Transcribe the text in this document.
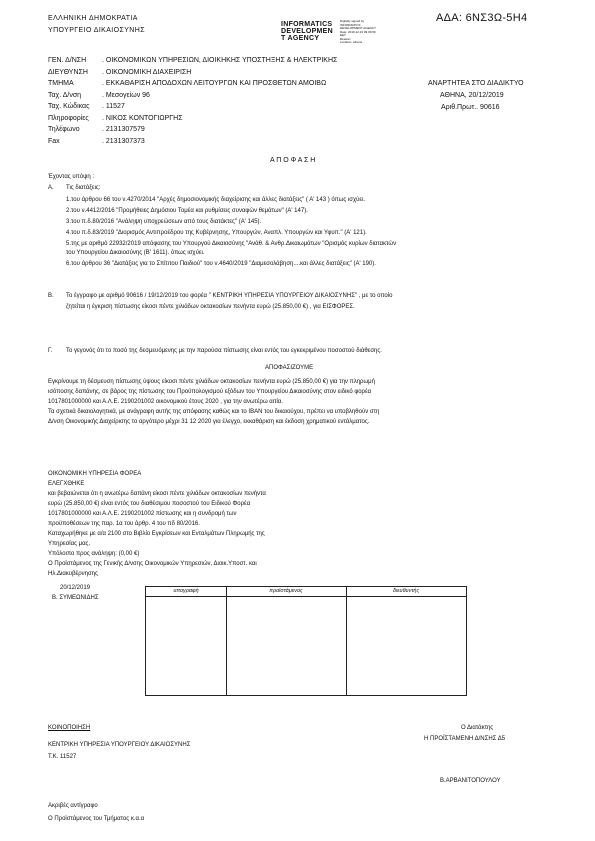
ΕΛΛΗΝΙΚΗ ΔΗΜΟΚΡΑΤΙΑ
ΥΠΟΥΡΓΕΙΟ ΔΙΚΑΙΟΣΥΝΗΣ
INFORMATICS
DEVELOPMEN
T AGENCY
Digitally signed by
INFORMATICS
DEVELOPMENT AGENCY
Date: 2019.12.23 09:09:50
EET
Reason:
Location: Athens
ΑΔΑ: 6ΝΣ3Ω-5Η4
ΓΕΝ. Δ/ΝΣΗ . ΟΙΚΟΝΟΜΙΚΩΝ ΥΠΗΡΕΣΙΩΝ, ΔΙΟΙΚΗΚΗΣ ΥΠΟΣΤΗΞΗΣ & ΗΛΕΚΤΡΙΚΗΣ
ΔΙΕΥΘΥΝΣΗ . ΟΙΚΟΝΟΜΙΚΗ ΔΙΑΧΕΙΡΙΣΗ
ΤΜΗΜΑ	. ΕΚΚΑΘΑΡΙΣΗ ΑΠΟΔΟΧΩΝ ΛΕΙΤΟΥΡΓΩΝ ΚΑΙ ΠΡΟΣΘΕΤΩΝ ΑΜΟΙΒΩ
Ταχ. Δ/νση	. Μεσογείων 96
Ταχ. Κώδικας . 11527
Πληροφορίες . ΝΙΚΟΣ ΚΟΝΤΟΓΙΩΡΓΗΣ
Τηλέφωνο	. 2131307579
Fax	. 2131307373
ΑΝΑΡΤΗΤΕΑ ΣΤΟ ΔΙΑΔΙΚΤΥΟ
ΑΘΗΝΑ, 20/12/2019
Αριθ.Πρωτ.. 90616
Α Π Ο Φ Α Σ Η
Έχοντας υπόψη :
Α. Τις διατάξεις:
1.του άρθρου 66 του ν.4270/2014 "Αρχές δημοσιονομικής διαχείρισης και άλλες διατάξεις" ( Α' 143 ) όπως ισχύει.
2.του ν.4412/2016 "Προμήθειες Δημόσιου Τομέα και ρυθμίσεις συναφών θεμάτων" (Α' 147).
3.του π.δ.80/2016 "Ανάληψη υποχρεώσεων από τους διατάκτες" (Α' 145).
4.του π.δ.83/2019 "Διορισμός Αντιπροέδρου της Κυβέρνησης, Υπουργών, Αναπλ. Υπουργών και Υφυπ." (Α' 121).
5.της με αριθμό 22932/2019 απόφασης του Υπουργού Δικαιοσύνης "Ανάθ. & Ανθρ.Δικαιωμάτων "Ορισμός κυρίων διατακτών
του Υπουργείου Δικαιοσύνης (Β' 1611). όπως ισχύει.
6.του άρθρου 36 "Διατάξεις για το Σπίτιτου Παιδιού" του ν.4640/2019 "Διαμεσολάβηση....και άλλες διατάξεις" (Α' 190).
Β. Το έγγραφο με αριθμό 90616 / 19/12/2019 του φορέα " ΚΕΝΤΡΙΚΗ ΥΠΗΡΕΣΙΑ ΥΠΟΥΡΓΕΙΟΥ ΔΙΚΑΙΟΣΥΝΗΣ" , με το οποίο
ζητείται η έγκριση πίστωσης είκοσι πέντε χιλιάδων οκτακοσίων πενήντα ευρώ (25.850,00 €) , για ΕΙΣΦΟΡΕΣ.
Γ. Το γεγονός ότι το ποσό της δεσμευόμενης με την παρούσα πίστωσης είναι εντός του εγκεκριμένου ποσοστού διάθεσης.
ΑΠΟΦΑΣΙΖΟΥΜΕ
Εγκρίνουμε τη δέσμευση πίστωσης ύψους είκοσι πέντε χιλιάδων οκτακοσίων πενήντα ευρώ (25.850,00 €) για την πληρωμή
ισόποσης δαπάνης, σε βάρος της πίστωσης του Προϋπολογισμού εξόδων του Υπουργείου Δικαιοσύνης στον ειδικό φορέα
1017801000000 και Α.Λ.Ε. 2190201002 οικονομικού έτους 2020 , για την ανωτέρω αιτία.
Τα σχετικά δικαιολογητικά, με ανάγραφη αυτής της απόφασης καθώς και το IBAN του δικαιούχου, πρέπει να υποβληθούν στη
Δ/νση Οικονομικής Διαχείρισης το αργότερο μέχρι 31 12 2020 για έλεγχο, εκκαθάριση και έκδοση χρηματικού εντάλματος.
ΟΙΚΟΝΟΜΙΚΗ ΥΠΗΡΕΣΙΑ ΦΟΡΕΑ
ΕΛΕΓΧΘΗΚΕ
και βεβαιώνεται ότι η ανωτέρω δαπάνη είκοσι πέντε χιλιάδων οκτακοσίων πενήντα
ευρώ (25.850,00 €) είναι εντός του διαθέσιμου ποσοστού του Ειδικού Φορέα
1017801000000 και Α.Λ.Ε. 2190201002 πίστωσης και η συνδρομή των
προϋποθέσεων της παρ. 1α του άρθρ. 4 του πδ 80/2016.
Καταχωρήθηκε με α/α 2100 στο Βιβλίο Εγκρίσεων και Ενταλμάτων Πληρωμής της
Υπηρεσίας μας.
Υπόλοιπο προς ανάληψη: (0,00 €)
Ο Προϊστάμενος της Γενικής Δ/νσης Οικονομικών Υπηρεσιών, Διοικ.Υποστ. και
Ηλ.Διακυβέρνησης
20/12/2019
Β. ΣΥΜΕΩΝΙΔΗΣ
υπογραφή	προϊστάμενος	διευθυντής
ΚΟΙΝΟΠΟΙΗΣΗ
ΚΕΝΤΡΙΚΗ ΥΠΗΡΕΣΙΑ ΥΠΟΥΡΓΕΙΟΥ ΔΙΚΑΙΟΣΥΝΗΣ
Τ.Κ. 11527
Ο Διατάκτης
Η ΠΡΟΪΣΤΑΜΕΝΗ Δ/ΝΣΗΣ Δ5
Β.ΑΡΒΑΝΙΤΟΠΟΥΛΟΥ
Ακριβές αντίγραφο
Ο Προϊστάμενος του Τμήματος κ.α.α
